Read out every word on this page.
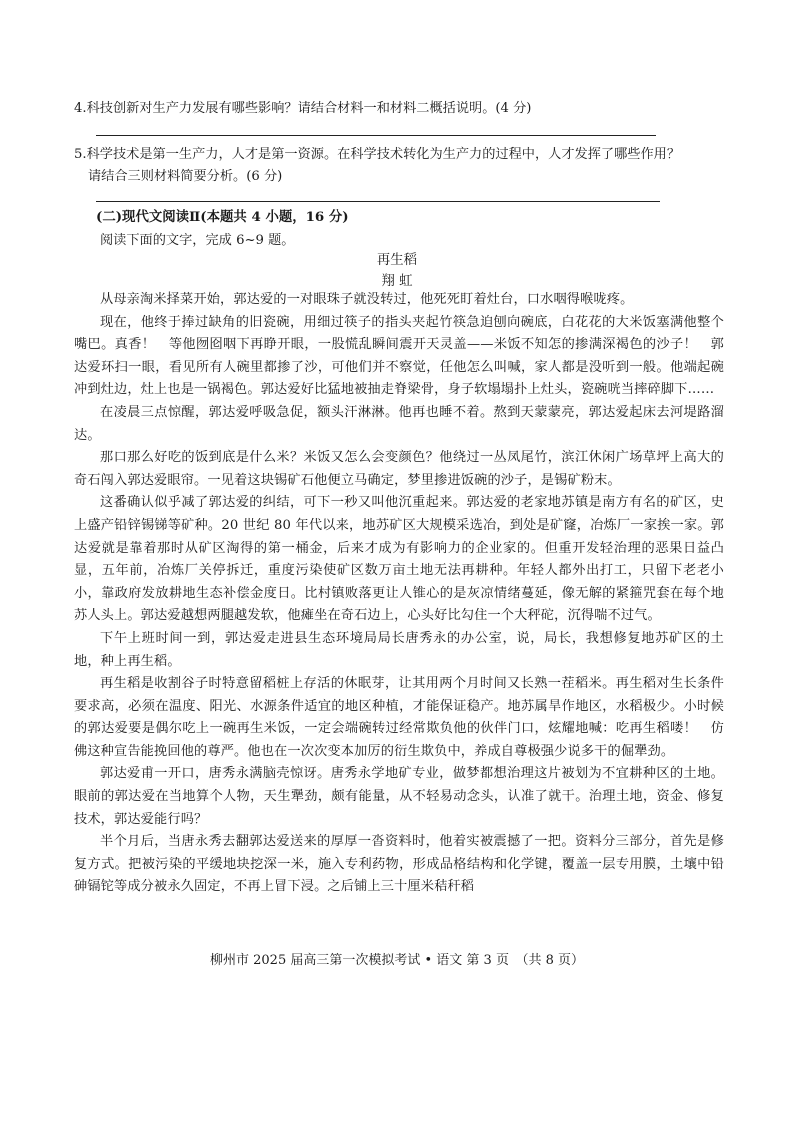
4.科技创新对生产力发展有哪些影响？请结合材料一和材料二概括说明。(4 分)
5.科学技术是第一生产力，人才是第一资源。在科学技术转化为生产力的过程中，人才发挥了哪些作用？
请结合三则材料简要分析。(6 分)
(二)现代文阅读Ⅱ(本题共 4 小题，16 分)
阅读下面的文字，完成 6~9 题。
再生稻
翔 虹

从母亲淘米择菜开始，郭达爱的一对眼珠子就没转过，他死死盯着灶台，口水咽得喉咙疼。

现在，他终于捧过缺角的旧瓷碗，用细过筷子的指头夹起竹筷急迫刨向碗底，白花花的大米饭塞满他整个嘴巴。真香！　等他囫囵咽下再睁开眼，一股慌乱瞬间震开天灵盖——米饭不知怎的掺满深褐色的沙子！　郭达爱环扫一眼，看见所有人碗里都掺了沙，可他们并不察觉，任他怎么叫喊，家人都是没听到一般。他端起碗冲到灶边，灶上也是一锅褐色。郭达爱好比猛地被抽走脊梁骨，身子软塌塌扑上灶头，瓷碗咣当摔碎脚下……

在凌晨三点惊醒，郭达爱呼吸急促，额头汗淋淋。他再也睡不着。熬到天蒙蒙亮，郭达爱起床去河堤路溜达。

那口那么好吃的饭到底是什么米？米饭又怎么会变颜色？他绕过一丛凤尾竹，滨江休闲广场草坪上高大的奇石闯入郭达爱眼帘。一见着这块锡矿石他便立马确定，梦里掺进饭碗的沙子，是锡矿粉末。

这番确认似乎减了郭达爱的纠结，可下一秒又叫他沉重起来。郭达爱的老家地苏镇是南方有名的矿区，史上盛产铅锌锡锑等矿种。20 世纪 80 年代以来，地苏矿区大规模采选冶，到处是矿窿，冶炼厂一家挨一家。郭达爱就是靠着那时从矿区淘得的第一桶金，后来才成为有影响力的企业家的。但重开发轻治理的恶果日益凸显，五年前，冶炼厂关停拆迁，重度污染使矿区数万亩土地无法再耕种。年轻人都外出打工，只留下老老小小，靠政府发放耕地生态补偿金度日。比村镇败落更让人锥心的是灰凉情绪蔓延，像无解的紧箍咒套在每个地苏人头上。郭达爱越想两腿越发软，他瘫坐在奇石边上，心头好比勾住一个大秤砣，沉得喘不过气。

下午上班时间一到，郭达爱走进县生态环境局局长唐秀永的办公室，说，局长，我想修复地苏矿区的土地，种上再生稻。

再生稻是收割谷子时特意留稻桩上存活的休眠芽，让其用两个月时间又长熟一茬稻米。再生稻对生长条件要求高，必须在温度、阳光、水源条件适宜的地区种植，才能保证稳产。地苏属旱作地区，水稻极少。小时候的郭达爱要是偶尔吃上一碗再生米饭，一定会端碗转过经常欺负他的伙伴门口，炫耀地喊：吃再生稻喽！　仿佛这种宣告能挽回他的尊严。他也在一次次变本加厉的衍生欺负中，养成自尊极强少说多干的倔犟劲。

郭达爱甫一开口，唐秀永满脑壳惊讶。唐秀永学地矿专业，做梦都想治理这片被划为不宜耕种区的土地。眼前的郭达爱在当地算个人物，天生犟劲，颇有能量，从不轻易动念头，认准了就干。治理土地，资金、修复技术，郭达爱能行吗？

半个月后，当唐永秀去翻郭达爱送来的厚厚一沓资料时，他着实被震撼了一把。资料分三部分，首先是修复方式。把被污染的平缓地块挖深一米，施入专利药物，形成品格结构和化学键，覆盖一层专用膜，土壤中铅砷镉铊等成分被永久固定，不再上冒下浸。之后铺上三十厘米秸秆稻

柳州市 2025 届高三第一次模拟考试 • 语文 第 3 页　（共 8 页）
